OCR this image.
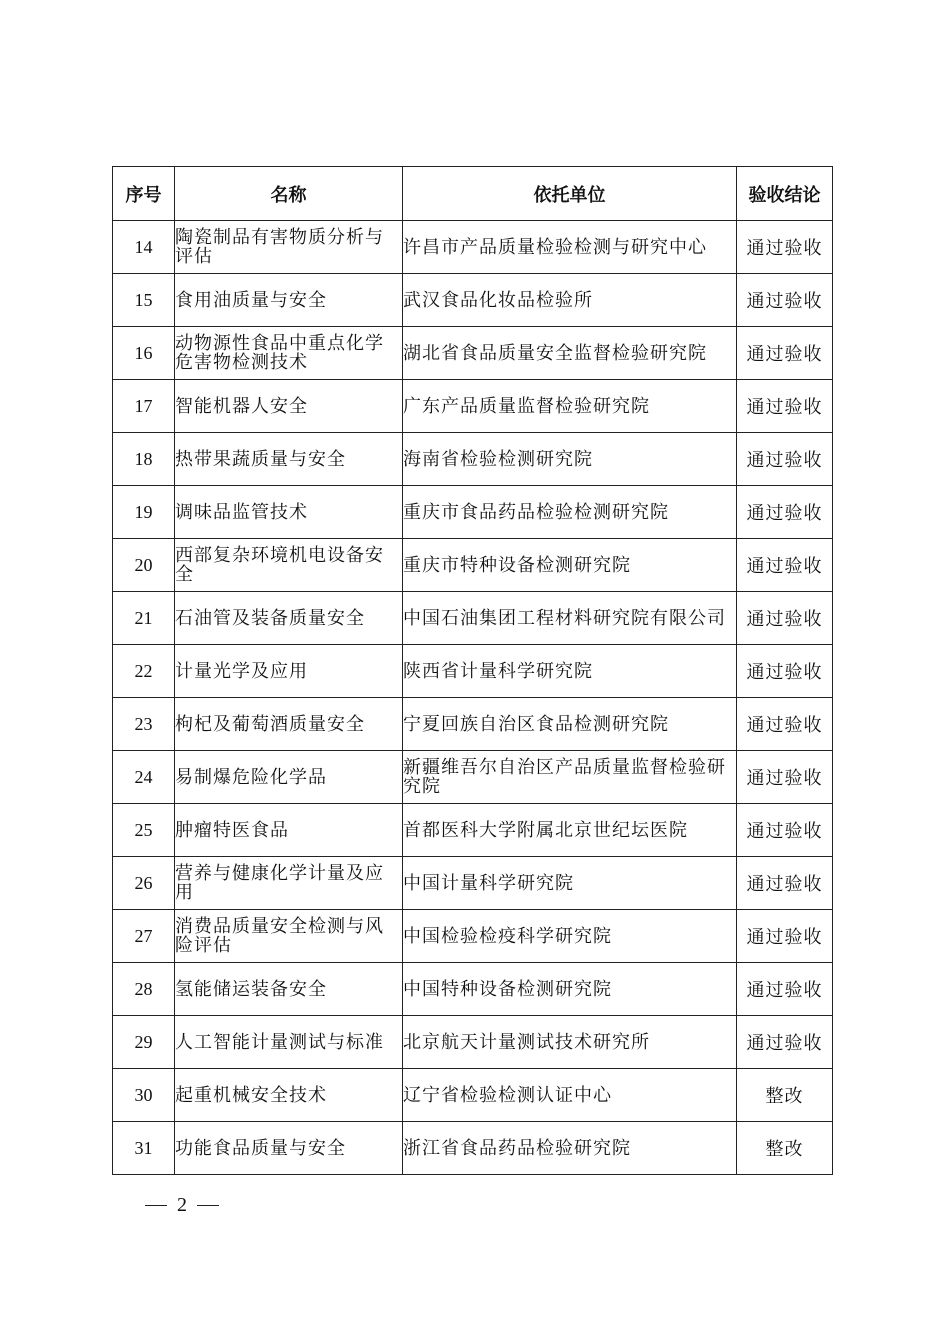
序号	名称	依托单位	验收结论
14	陶瓷制品有害物质分析与评估	许昌市产品质量检验检测与研究中心	通过验收
15	食用油质量与安全	武汉食品化妆品检验所	通过验收
16	动物源性食品中重点化学危害物检测技术	湖北省食品质量安全监督检验研究院	通过验收
17	智能机器人安全	广东产品质量监督检验研究院	通过验收
18	热带果蔬质量与安全	海南省检验检测研究院	通过验收
19	调味品监管技术	重庆市食品药品检验检测研究院	通过验收
20	西部复杂环境机电设备安全	重庆市特种设备检测研究院	通过验收
21	石油管及装备质量安全	中国石油集团工程材料研究院有限公司	通过验收
22	计量光学及应用	陕西省计量科学研究院	通过验收
23	枸杞及葡萄酒质量安全	宁夏回族自治区食品检测研究院	通过验收
24	易制爆危险化学品	新疆维吾尔自治区产品质量监督检验研究院	通过验收
25	肿瘤特医食品	首都医科大学附属北京世纪坛医院	通过验收
26	营养与健康化学计量及应用	中国计量科学研究院	通过验收
27	消费品质量安全检测与风险评估	中国检验检疫科学研究院	通过验收
28	氢能储运装备安全	中国特种设备检测研究院	通过验收
29	人工智能计量测试与标准	北京航天计量测试技术研究所	通过验收
30	起重机械安全技术	辽宁省检验检测认证中心	整改
31	功能食品质量与安全	浙江省食品药品检验研究院	整改
2
